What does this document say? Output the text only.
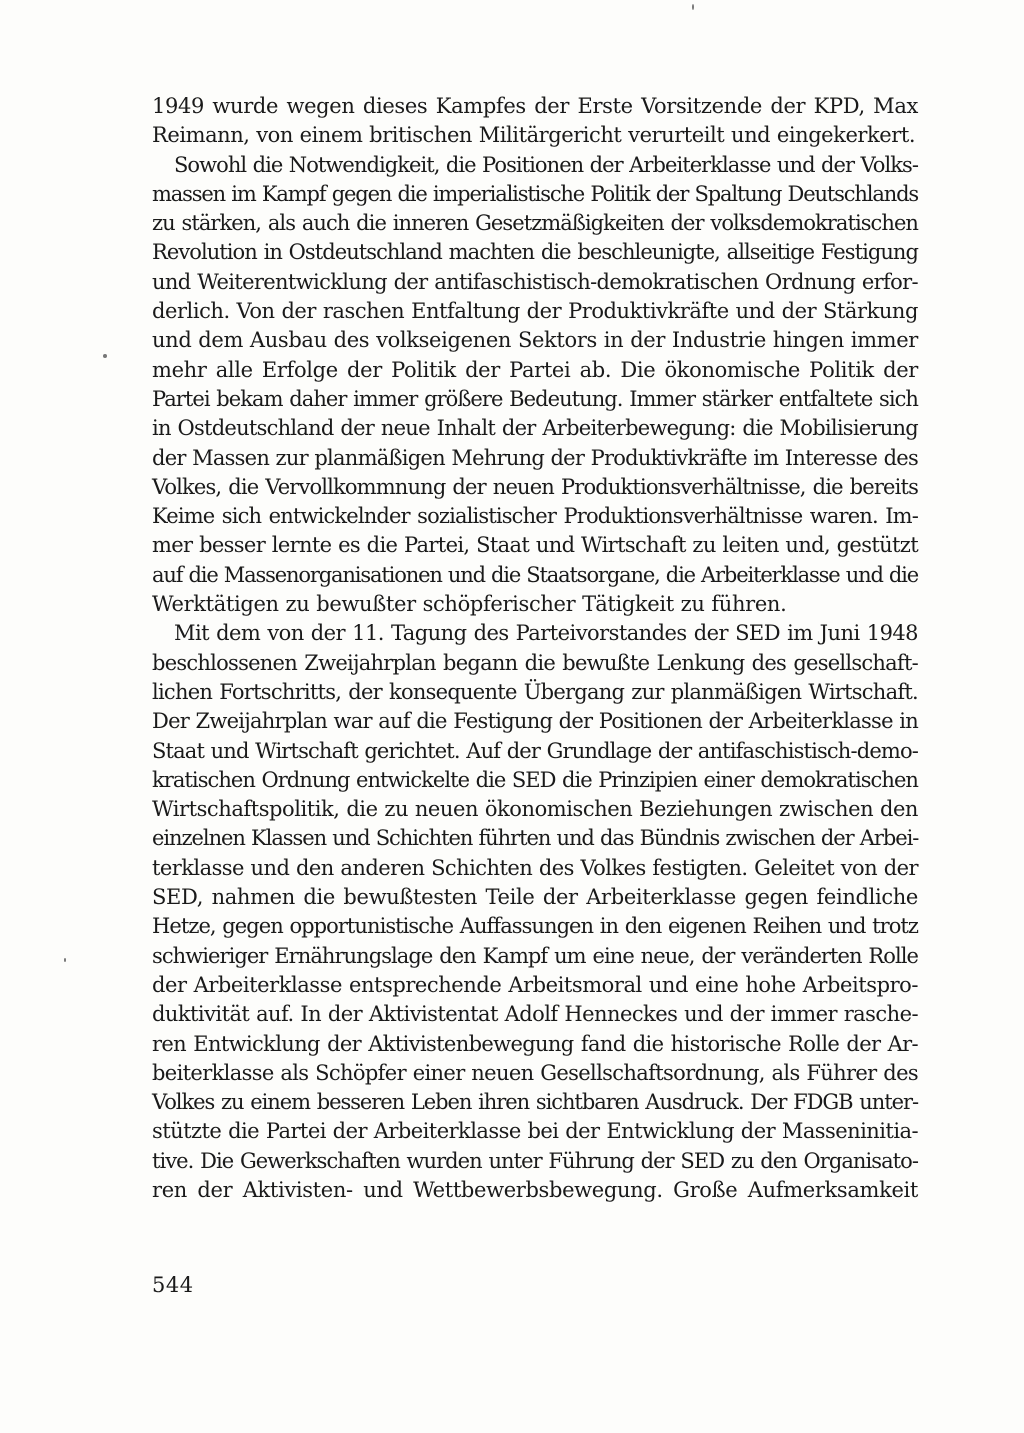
1949 wurde wegen dieses Kampfes der Erste Vorsitzende der KPD, Max
Reimann, von einem britischen Militärgericht verurteilt und eingekerkert.
Sowohl die Notwendigkeit, die Positionen der Arbeiterklasse und der Volks-
massen im Kampf gegen die imperialistische Politik der Spaltung Deutschlands
zu stärken, als auch die inneren Gesetzmäßigkeiten der volksdemokratischen
Revolution in Ostdeutschland machten die beschleunigte, allseitige Festigung
und Weiterentwicklung der antifaschistisch-demokratischen Ordnung erfor-
derlich. Von der raschen Entfaltung der Produktivkräfte und der Stärkung
und dem Ausbau des volkseigenen Sektors in der Industrie hingen immer
mehr alle Erfolge der Politik der Partei ab. Die ökonomische Politik der
Partei bekam daher immer größere Bedeutung. Immer stärker entfaltete sich
in Ostdeutschland der neue Inhalt der Arbeiterbewegung: die Mobilisierung
der Massen zur planmäßigen Mehrung der Produktivkräfte im Interesse des
Volkes, die Vervollkommnung der neuen Produktionsverhältnisse, die bereits
Keime sich entwickelnder sozialistischer Produktionsverhältnisse waren. Im-
mer besser lernte es die Partei, Staat und Wirtschaft zu leiten und, gestützt
auf die Massenorganisationen und die Staatsorgane, die Arbeiterklasse und die
Werktätigen zu bewußter schöpferischer Tätigkeit zu führen.
Mit dem von der 11. Tagung des Parteivorstandes der SED im Juni 1948
beschlossenen Zweijahrplan begann die bewußte Lenkung des gesellschaft-
lichen Fortschritts, der konsequente Übergang zur planmäßigen Wirtschaft.
Der Zweijahrplan war auf die Festigung der Positionen der Arbeiterklasse in
Staat und Wirtschaft gerichtet. Auf der Grundlage der antifaschistisch-demo-
kratischen Ordnung entwickelte die SED die Prinzipien einer demokratischen
Wirtschaftspolitik, die zu neuen ökonomischen Beziehungen zwischen den
einzelnen Klassen und Schichten führten und das Bündnis zwischen der Arbei-
terklasse und den anderen Schichten des Volkes festigten. Geleitet von der
SED, nahmen die bewußtesten Teile der Arbeiterklasse gegen feindliche
Hetze, gegen opportunistische Auffassungen in den eigenen Reihen und trotz
schwieriger Ernährungslage den Kampf um eine neue, der veränderten Rolle
der Arbeiterklasse entsprechende Arbeitsmoral und eine hohe Arbeitspro-
duktivität auf. In der Aktivistentat Adolf Henneckes und der immer rasche-
ren Entwicklung der Aktivistenbewegung fand die historische Rolle der Ar-
beiterklasse als Schöpfer einer neuen Gesellschaftsordnung, als Führer des
Volkes zu einem besseren Leben ihren sichtbaren Ausdruck. Der FDGB unter-
stützte die Partei der Arbeiterklasse bei der Entwicklung der Masseninitia-
tive. Die Gewerkschaften wurden unter Führung der SED zu den Organisato-
ren der Aktivisten- und Wettbewerbsbewegung. Große Aufmerksamkeit
544
